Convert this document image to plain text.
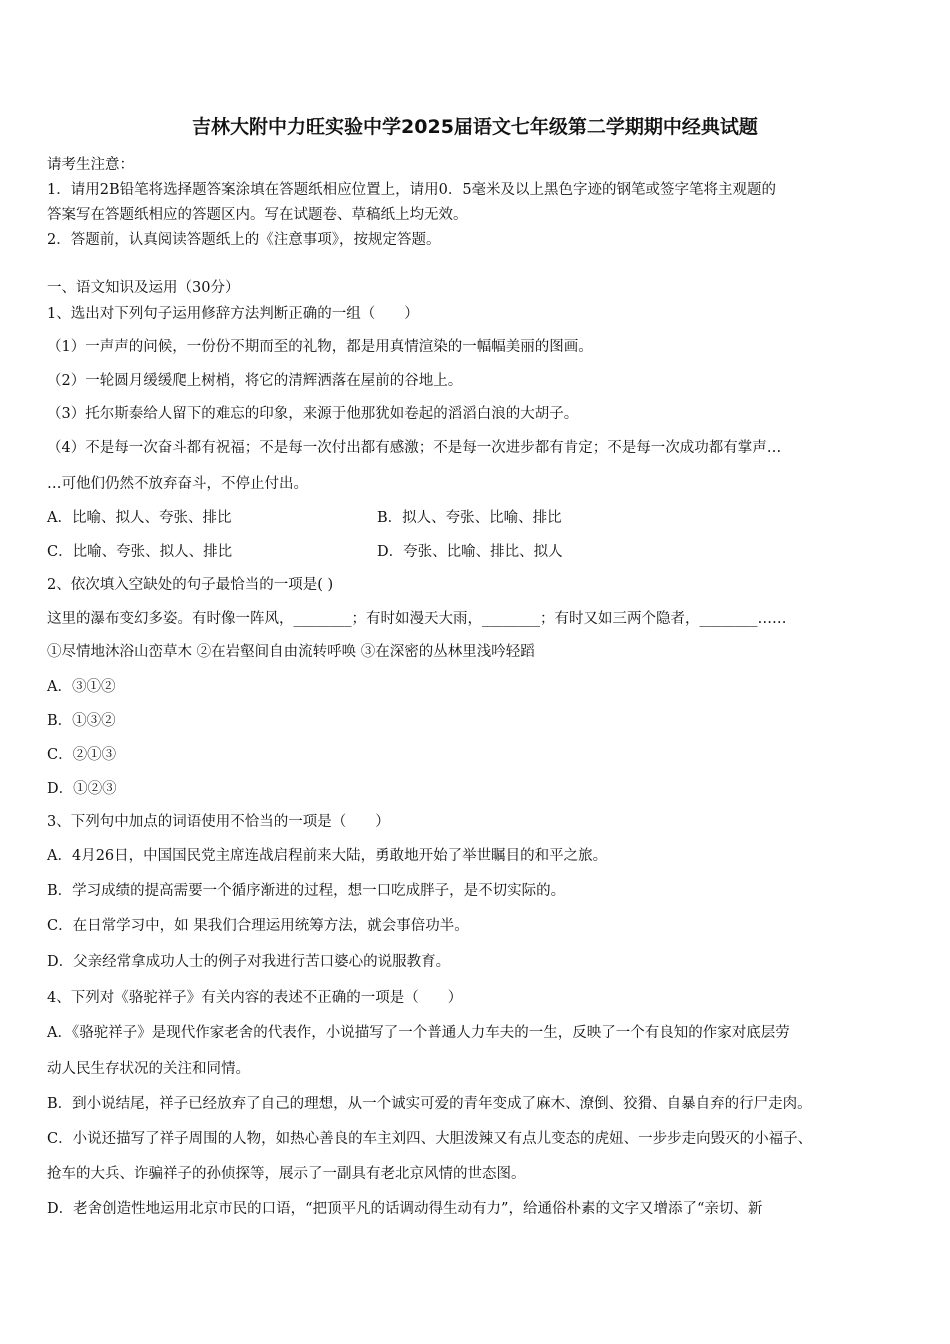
吉林大附中力旺实验中学2025届语文七年级第二学期期中经典试题
请考生注意：
1．请用2B铅笔将选择题答案涂填在答题纸相应位置上，请用0．5毫米及以上黑色字迹的钢笔或签字笔将主观题的
答案写在答题纸相应的答题区内。写在试题卷、草稿纸上均无效。
2．答题前，认真阅读答题纸上的《注意事项》，按规定答题。
一、语文知识及运用（30分）
1、选出对下列句子运用修辞方法判断正确的一组（　　）
（1）一声声的问候，一份份不期而至的礼物，都是用真情渲染的一幅幅美丽的图画。
（2）一轮圆月缓缓爬上树梢，将它的清辉洒落在屋前的谷地上。
（3）托尔斯泰给人留下的难忘的印象，来源于他那犹如卷起的滔滔白浪的大胡子。
（4）不是每一次奋斗都有祝福；不是每一次付出都有感激；不是每一次进步都有肯定；不是每一次成功都有掌声…
…可他们仍然不放弃奋斗，不停止付出。
A．比喻、拟人、夸张、排比	B．拟人、夸张、比喻、排比
C．比喻、夸张、拟人、排比	D．夸张、比喻、排比、拟人
2、依次填入空缺处的句子最恰当的一项是( )
这里的瀑布变幻多姿。有时像一阵风，________；有时如漫天大雨，________；有时又如三两个隐者，________……
①尽情地沐浴山峦草木 ②在岩壑间自由流转呼唤 ③在深密的丛林里浅吟轻蹈
A．③①②
B．①③②
C．②①③
D．①②③
3、下列句中加点的词语使用不恰当的一项是（　　）
A．4月26日，中国国民党主席连战启程前来大陆，勇敢地开始了举世瞩目的和平之旅。
B．学习成绩的提高需要一个循序渐进的过程，想一口吃成胖子，是不切实际的。
C．在日常学习中，如 果我们合理运用统筹方法，就会事倍功半。
D．父亲经常拿成功人士的例子对我进行苦口婆心的说服教育。
4、下列对《骆驼祥子》有关内容的表述不正确的一项是（　　）
A．《骆驼祥子》是现代作家老舍的代表作，小说描写了一个普通人力车夫的一生，反映了一个有良知的作家对底层劳
动人民生存状况的关注和同情。
B．到小说结尾，祥子已经放弃了自己的理想，从一个诚实可爱的青年变成了麻木、潦倒、狡猾、自暴自弃的行尸走肉。
C．小说还描写了祥子周围的人物，如热心善良的车主刘四、大胆泼辣又有点儿变态的虎妞、一步步走向毁灭的小福子、
抢车的大兵、诈骗祥子的孙侦探等，展示了一副具有老北京风情的世态图。
D．老舍创造性地运用北京市民的口语，“把顶平凡的话调动得生动有力”，给通俗朴素的文字又增添了“亲切、新
